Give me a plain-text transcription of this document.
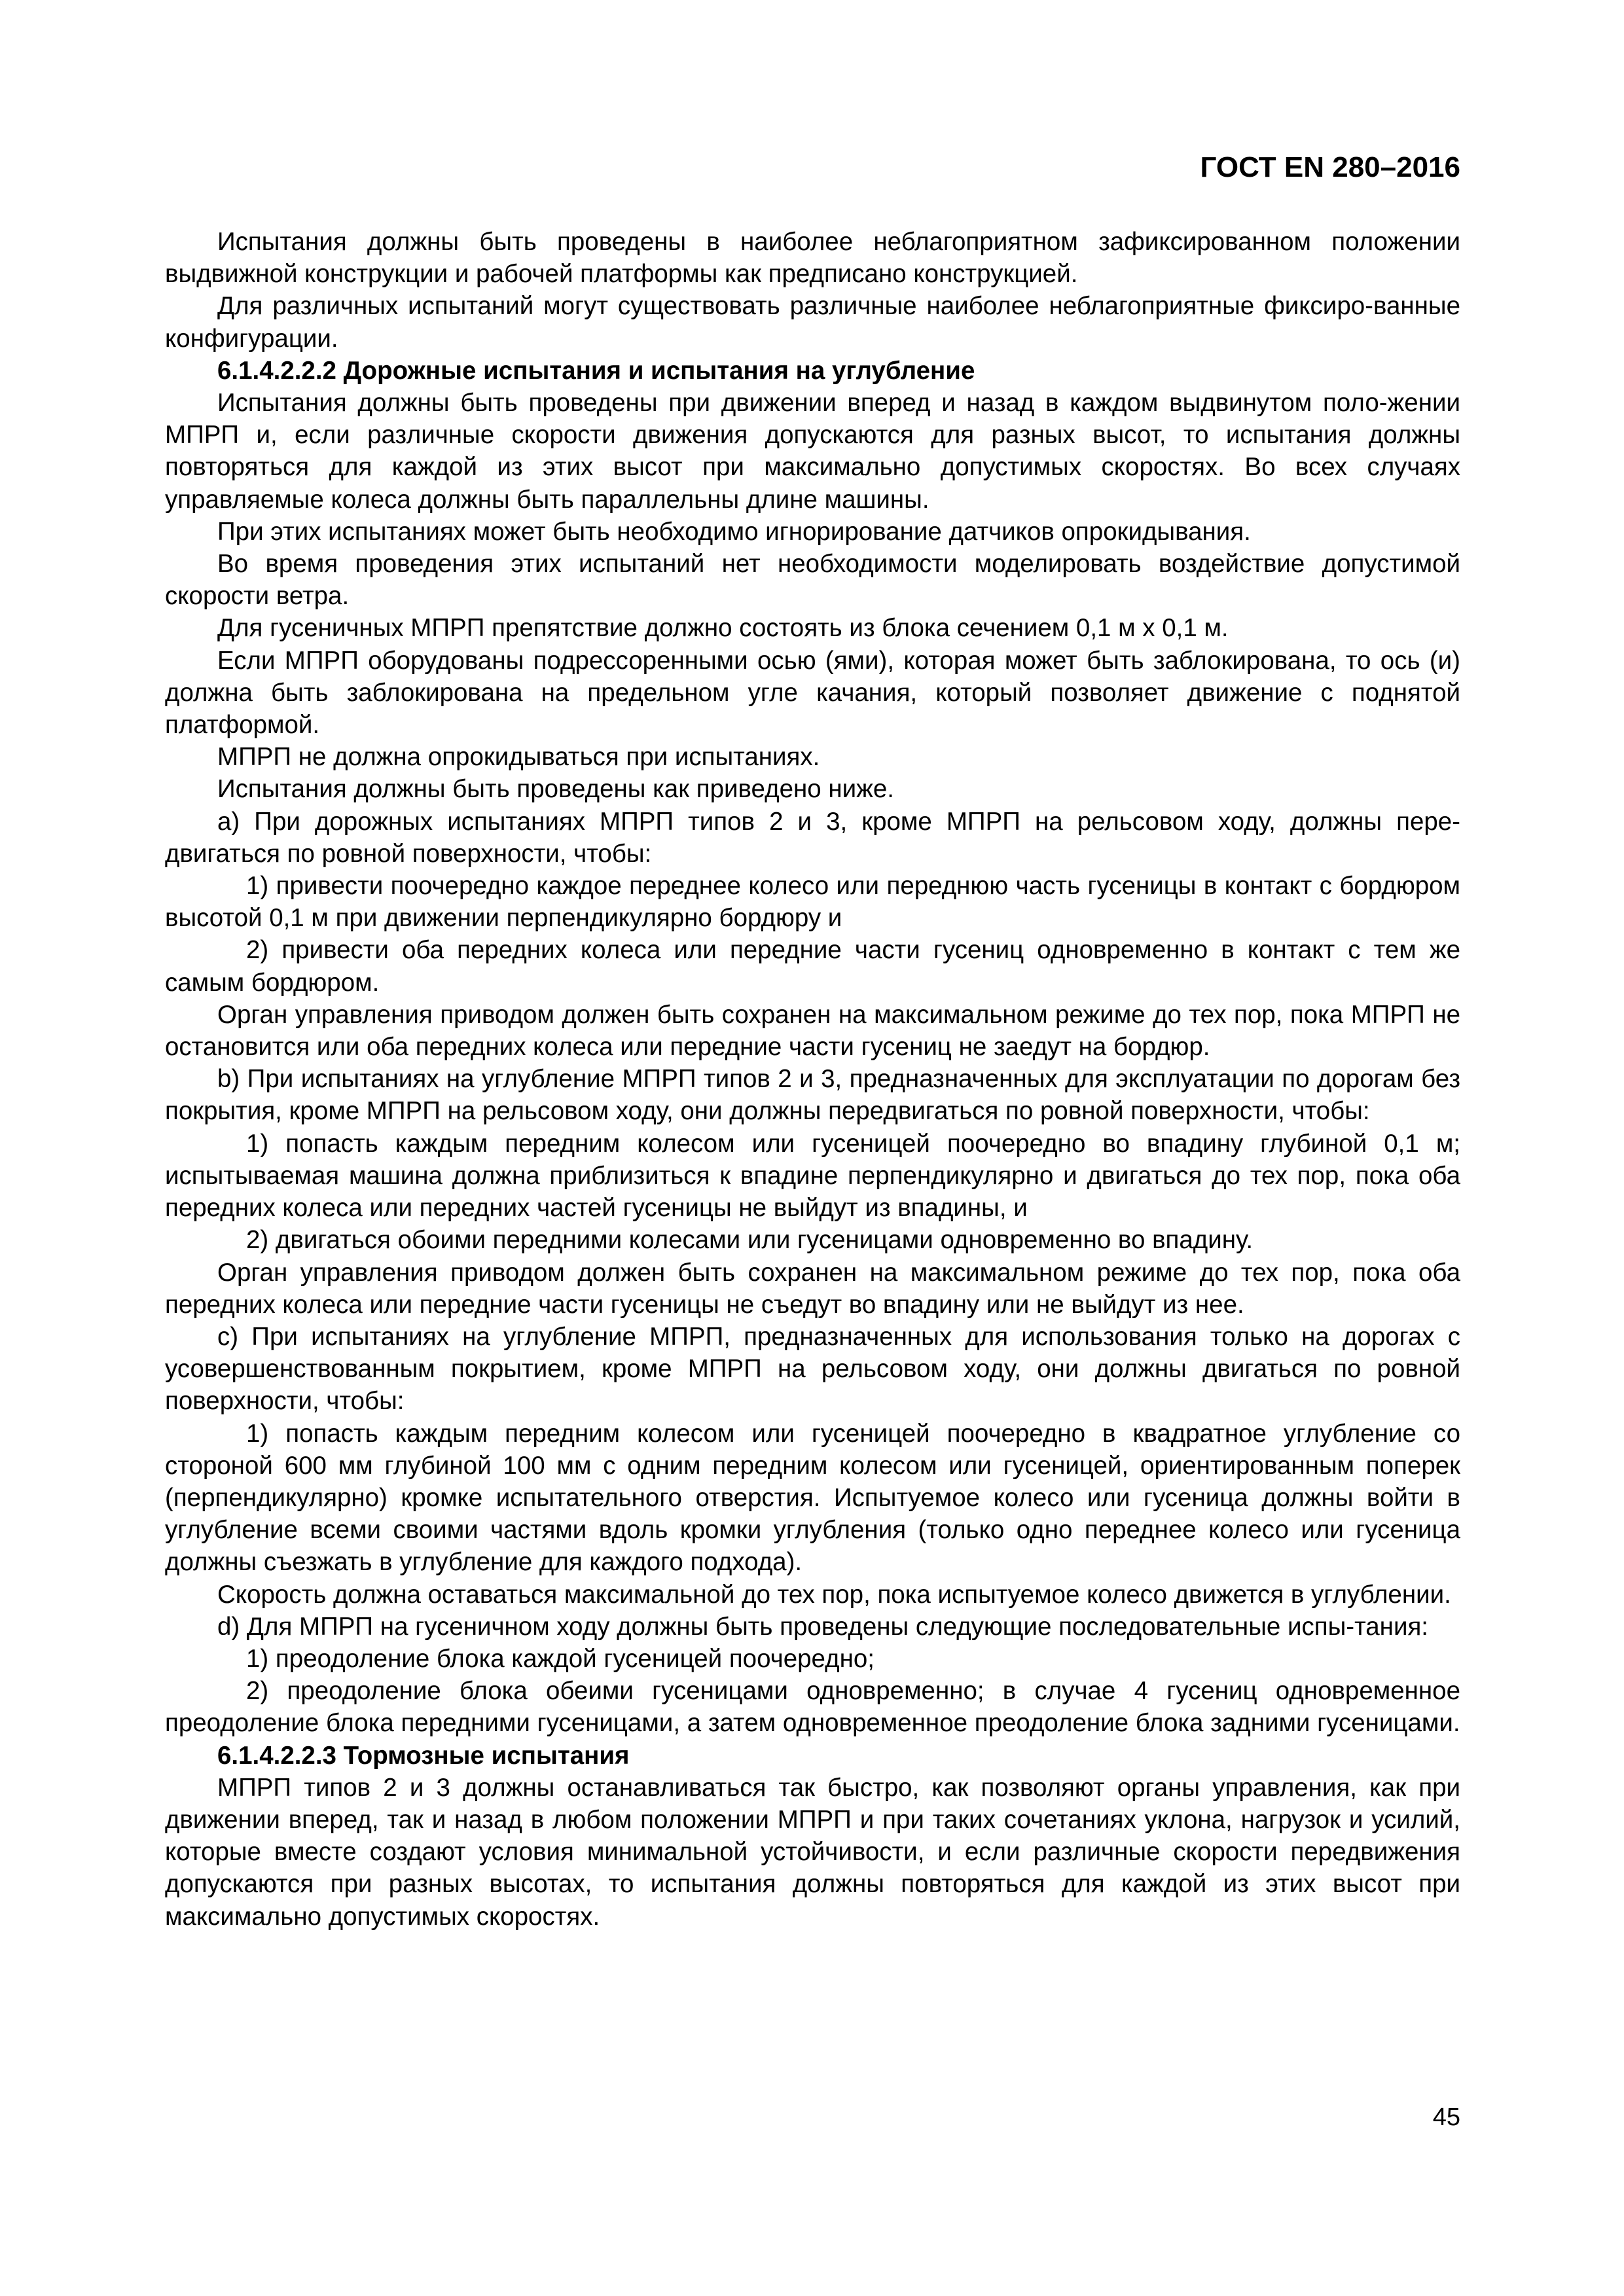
ГОСТ EN 280–2016

Испытания должны быть проведены в наиболее неблагоприятном зафиксированном положении выдвижной конструкции и рабочей платформы как предписано конструкцией.

Для различных испытаний могут существовать различные наиболее неблагоприятные фиксиро-ванные конфигурации.

6.1.4.2.2.2 Дорожные испытания и испытания на углубление

Испытания должны быть проведены при движении вперед и назад в каждом выдвинутом поло-жении МПРП и, если различные скорости движения допускаются для разных высот, то испытания должны повторяться для каждой из этих высот при максимально допустимых скоростях. Во всех случаях управляемые колеса должны быть параллельны длине машины.

При этих испытаниях может быть необходимо игнорирование датчиков опрокидывания.

Во время проведения этих испытаний нет необходимости моделировать воздействие допустимой скорости ветра.

Для гусеничных МПРП препятствие должно состоять из блока сечением 0,1 м х 0,1 м.

Если МПРП оборудованы подрессоренными осью (ями), которая может быть заблокирована, то ось (и) должна быть заблокирована на предельном угле качания, который позволяет движение с поднятой платформой.

МПРП не должна опрокидываться при испытаниях.

Испытания должны быть проведены как приведено ниже.

a) При дорожных испытаниях МПРП типов 2 и 3, кроме МПРП на рельсовом ходу, должны пере-двигаться по ровной поверхности, чтобы:

1) привести поочередно каждое переднее колесо или переднюю часть гусеницы в контакт с бордюром высотой 0,1 м при движении перпендикулярно бордюру и

2) привести оба передних колеса или передние части гусениц одновременно в контакт с тем же самым бордюром.

Орган управления приводом должен быть сохранен на максимальном режиме до тех пор, пока МПРП не остановится или оба передних колеса или передние части гусениц не заедут на бордюр.

b) При испытаниях на углубление МПРП типов 2 и 3, предназначенных для эксплуатации по дорогам без покрытия, кроме МПРП на рельсовом ходу, они должны передвигаться по ровной поверхности, чтобы:

1) попасть каждым передним колесом или гусеницей поочередно во впадину глубиной 0,1 м; испытываемая машина должна приблизиться к впадине перпендикулярно и двигаться до тех пор, пока оба передних колеса или передних частей гусеницы не выйдут из впадины, и

2) двигаться обоими передними колесами или гусеницами одновременно во впадину.

Орган управления приводом должен быть сохранен на максимальном режиме до тех пор, пока оба передних колеса или передние части гусеницы не съедут во впадину или не выйдут из нее.

c) При испытаниях на углубление МПРП, предназначенных для использования только на дорогах с усовершенствованным покрытием, кроме МПРП на рельсовом ходу, они должны двигаться по ровной поверхности, чтобы:

1) попасть каждым передним колесом или гусеницей поочередно в квадратное углубление со стороной 600 мм глубиной 100 мм с одним передним колесом или гусеницей, ориентированным поперек (перпендикулярно) кромке испытательного отверстия. Испытуемое колесо или гусеница должны войти в углубление всеми своими частями вдоль кромки углубления (только одно переднее колесо или гусеница должны съезжать в углубление для каждого подхода).

Скорость должна оставаться максимальной до тех пор, пока испытуемое колесо движется в углублении.

d) Для МПРП на гусеничном ходу должны быть проведены следующие последовательные испы-тания:

1) преодоление блока каждой гусеницей поочередно;

2) преодоление блока обеими гусеницами одновременно; в случае 4 гусениц одновременное преодоление блока передними гусеницами, а затем одновременное преодоление блока задними гусеницами.

6.1.4.2.2.3 Тормозные испытания

МПРП типов 2 и 3 должны останавливаться так быстро, как позволяют органы управления, как при движении вперед, так и назад в любом положении МПРП и при таких сочетаниях уклона, нагрузок и усилий, которые вместе создают условия минимальной устойчивости, и если различные скорости передвижения допускаются при разных высотах, то испытания должны повторяться для каждой из этих высот при максимально допустимых скоростях.

45
